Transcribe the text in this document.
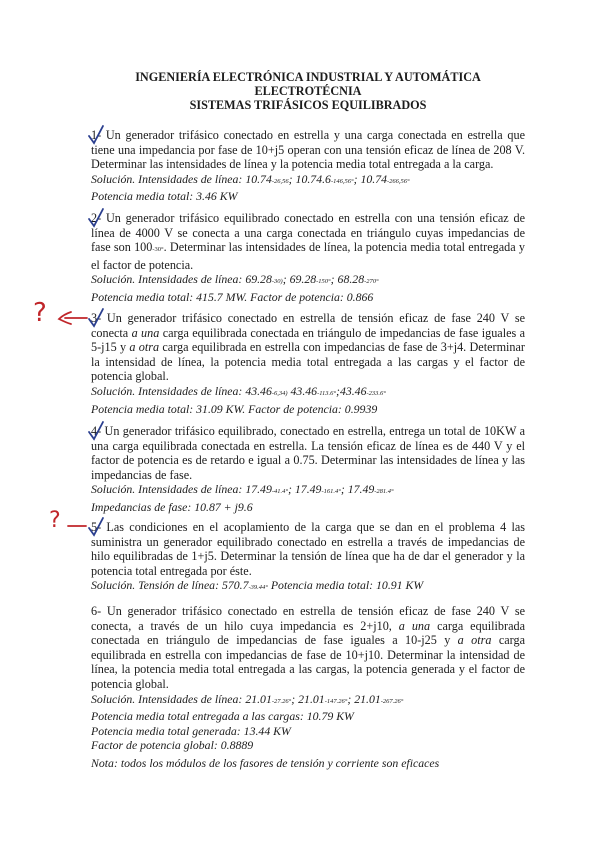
INGENIERÍA ELECTRÓNICA INDUSTRIAL Y AUTOMÁTICA
ELECTROTÉCNIA
SISTEMAS TRIFÁSICOS EQUILIBRADOS

1- Un generador trifásico conectado en estrella y una carga conectada en estrella que tiene una impedancia por fase de 10+j5 operan con una tensión eficaz de línea de 208 V. Determinar las intensidades de línea y la potencia media total entregada a la carga.

Solución. Intensidades de línea: 10.74-26,56; 10.74.6-146,56°; 10.74-266,56°

Potencia media total: 3.46 KW

2- Un generador trifásico equilibrado conectado en estrella con una tensión eficaz de línea de 4000 V se conecta a una carga conectada en triángulo cuyas impedancias de fase son 100-30°. Determinar las intensidades de línea, la potencia media total entregada y el factor de potencia.

Solución. Intensidades de línea: 69.28-30); 69.28-150°; 68.28-270°

Potencia media total: 415.7 MW. Factor de potencia: 0.866

3- Un generador trifásico conectado en estrella de tensión eficaz de fase 240 V se conecta a una carga equilibrada conectada en triángulo de impedancias de fase iguales a 5-j15 y a otra carga equilibrada en estrella con impedancias de fase de 3+j4. Determinar la intensidad de línea, la potencia media total entregada a las cargas y el factor de potencia global.

Solución. Intensidades de línea: 43.46-6,34) 43.46-113.6°;43.46-233.6°

Potencia media total: 31.09 KW. Factor de potencia: 0.9939

4- Un generador trifásico equilibrado, conectado en estrella, entrega un total de 10KW a una carga equilibrada conectada en estrella. La tensión eficaz de línea es de 440 V y el factor de potencia es de retardo e igual a 0.75. Determinar las intensidades de línea y las impedancias de fase.

Solución. Intensidades de línea: 17.49-41.4°; 17.49-161.4°; 17.49-281.4°

Impedancias de fase: 10.87 + j9.6

5- Las condiciones en el acoplamiento de la carga que se dan en el problema 4 las suministra un generador equilibrado conectado en estrella a través de impedancias de hilo equilibradas de 1+j5. Determinar la tensión de línea que ha de dar el generador y la potencia total entregada por éste.

Solución. Tensión de línea: 570.7-39.44° Potencia media total: 10.91 KW

6- Un generador trifásico conectado en estrella de tensión eficaz de fase 240 V se conecta, a través de un hilo cuya impedancia es 2+j10, a una carga equilibrada conectada en triángulo de impedancias de fase iguales a 10-j25 y a otra carga equilibrada en estrella con impedancias de fase de 10+j10. Determinar la intensidad de línea, la potencia media total entregada a las cargas, la potencia generada y el factor de potencia global.

Solución. Intensidades de línea: 21.01-27.26°; 21.01-147.26°; 21.01-267.26°

Potencia media total entregada a las cargas: 10.79 KW

Potencia media total generada: 13.44 KW

Factor de potencia global: 0.8889

Nota: todos los módulos de los fasores de tensión y corriente son eficaces
?
?
